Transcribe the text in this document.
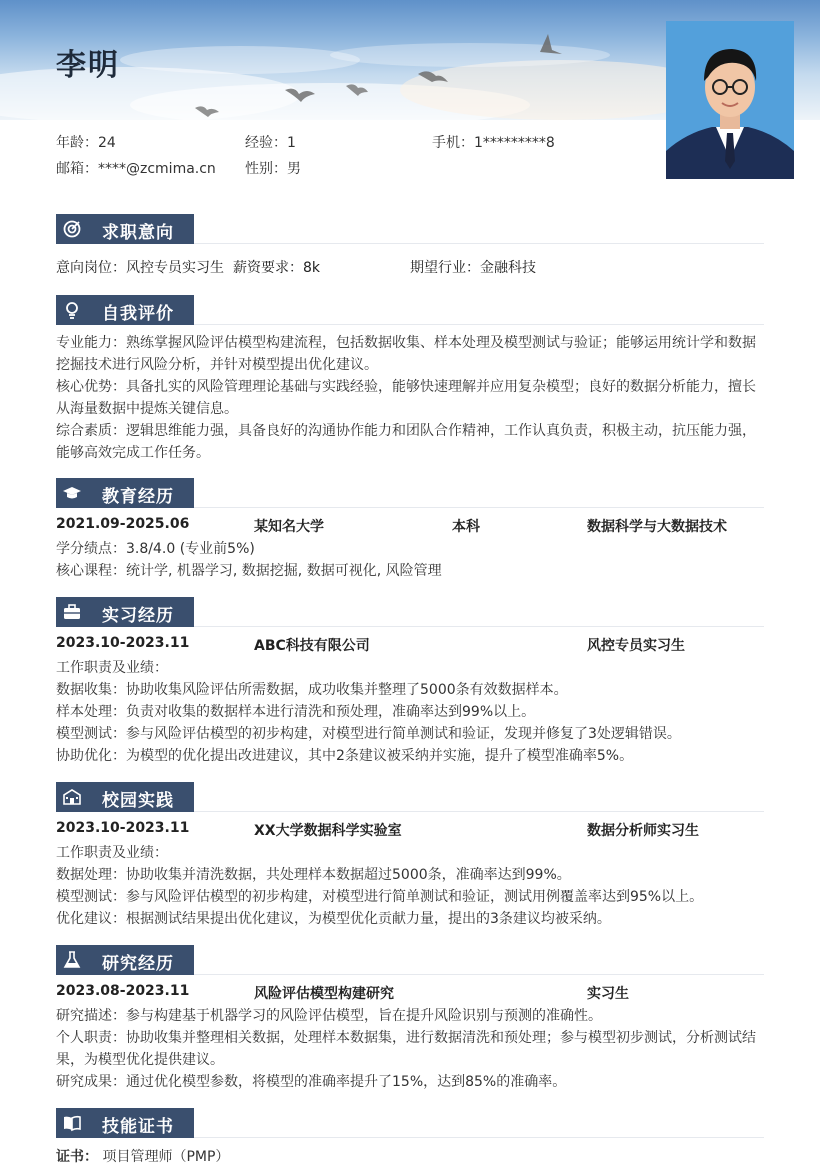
李明
年龄：24	经验：1	手机：1*********8
邮箱：****@zcmima.cn 性别：男
求职意向
意向岗位：风控专员实习生 薪资要求：8k	期望行业：金融科技
自我评价
专业能力：熟练掌握风险评估模型构建流程，包括数据收集、样本处理及模型测试与验证；能够运用统计学和数据挖掘技术进行风险分析，并针对模型提出优化建议。
核心优势：具备扎实的风险管理理论基础与实践经验，能够快速理解并应用复杂模型；良好的数据分析能力，擅长从海量数据中提炼关键信息。
综合素质：逻辑思维能力强，具备良好的沟通协作能力和团队合作精神，工作认真负责，积极主动，抗压能力强，能够高效完成工作任务。
教育经历
2021.09-2025.06	某知名大学	本科	数据科学与大数据技术
学分绩点：3.8/4.0 (专业前5%)
核心课程：统计学, 机器学习, 数据挖掘, 数据可视化, 风险管理
实习经历
2023.10-2023.11	ABC科技有限公司	风控专员实习生
工作职责及业绩：
数据收集：协助收集风险评估所需数据，成功收集并整理了5000条有效数据样本。
样本处理：负责对收集的数据样本进行清洗和预处理，准确率达到99%以上。
模型测试：参与风险评估模型的初步构建，对模型进行简单测试和验证，发现并修复了3处逻辑错误。
协助优化：为模型的优化提出改进建议，其中2条建议被采纳并实施，提升了模型准确率5%。
校园实践
2023.10-2023.11	XX大学数据科学实验室	数据分析师实习生
工作职责及业绩：
数据处理：协助收集并清洗数据，共处理样本数据超过5000条，准确率达到99%。
模型测试：参与风险评估模型的初步构建，对模型进行简单测试和验证，测试用例覆盖率达到95%以上。
优化建议：根据测试结果提出优化建议，为模型优化贡献力量，提出的3条建议均被采纳。
研究经历
2023.08-2023.11	风险评估模型构建研究	实习生
研究描述：参与构建基于机器学习的风险评估模型，旨在提升风险识别与预测的准确性。
个人职责：协助收集并整理相关数据，处理样本数据集，进行数据清洗和预处理；参与模型初步测试，分析测试结果，为模型优化提供建议。
研究成果：通过优化模型参数，将模型的准确率提升了15%，达到85%的准确率。
技能证书
证书： 项目管理师（PMP）
